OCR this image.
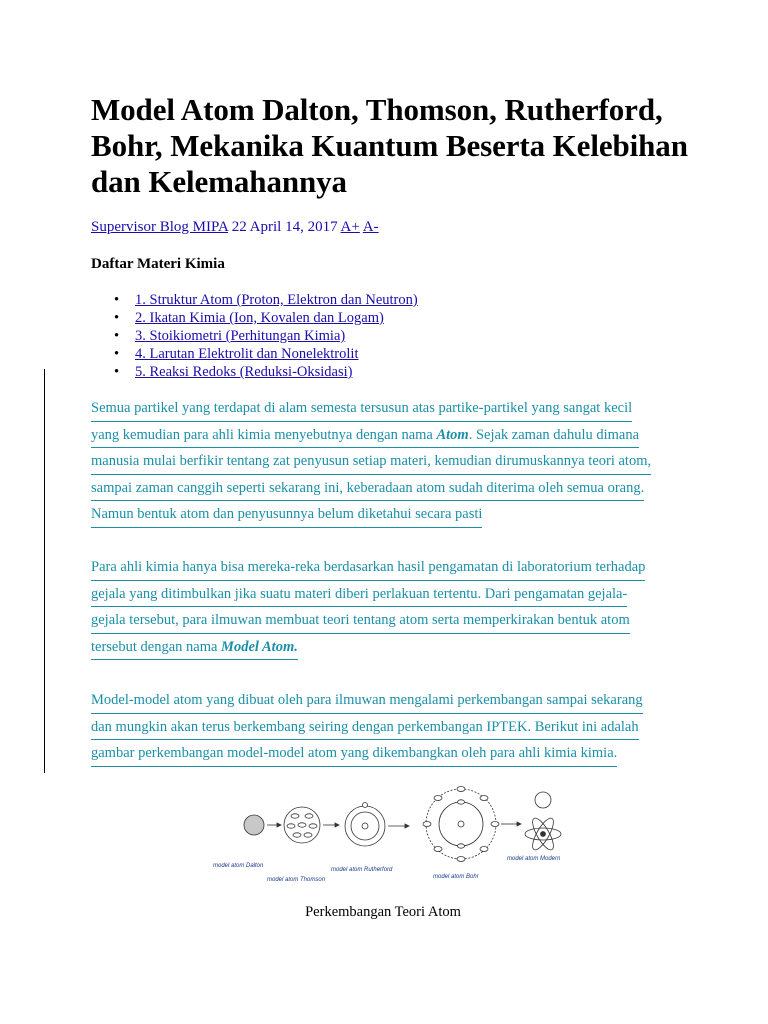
Model Atom Dalton, Thomson, Rutherford, Bohr, Mekanika Kuantum Beserta Kelebihan dan Kelemahannya
Supervisor Blog MIPA 22 April 14, 2017 A+ A-
Daftar Materi Kimia
• 1. Struktur Atom (Proton, Elektron dan Neutron)
• 2. Ikatan Kimia (Ion, Kovalen dan Logam)
• 3. Stoikiometri (Perhitungan Kimia)
• 4. Larutan Elektrolit dan Nonelektrolit
• 5. Reaksi Redoks (Reduksi-Oksidasi)
Semua partikel yang terdapat di alam semesta tersusun atas partike-partikel yang sangat kecil
yang kemudian para ahli kimia menyebutnya dengan nama Atom. Sejak zaman dahulu dimana
manusia mulai berfikir tentang zat penyusun setiap materi, kemudian dirumuskannya teori atom,
sampai zaman canggih seperti sekarang ini, keberadaan atom sudah diterima oleh semua orang.
Namun bentuk atom dan penyusunnya belum diketahui secara pasti
Para ahli kimia hanya bisa mereka-reka berdasarkan hasil pengamatan di laboratorium terhadap
gejala yang ditimbulkan jika suatu materi diberi perlakuan tertentu. Dari pengamatan gejala-
gejala tersebut, para ilmuwan membuat teori tentang atom serta memperkirakan bentuk atom
tersebut dengan nama Model Atom.
Model-model atom yang dibuat oleh para ilmuwan mengalami perkembangan sampai sekarang
dan mungkin akan terus berkembang seiring dengan perkembangan IPTEK. Berikut ini adalah
gambar perkembangan model-model atom yang dikembangkan oleh para ahli kimia kimia.
Perkembangan Teori Atom
model atom Dalton
model atom Thomson
model atom Rutherford
model atom Bohr
model atom Modern
